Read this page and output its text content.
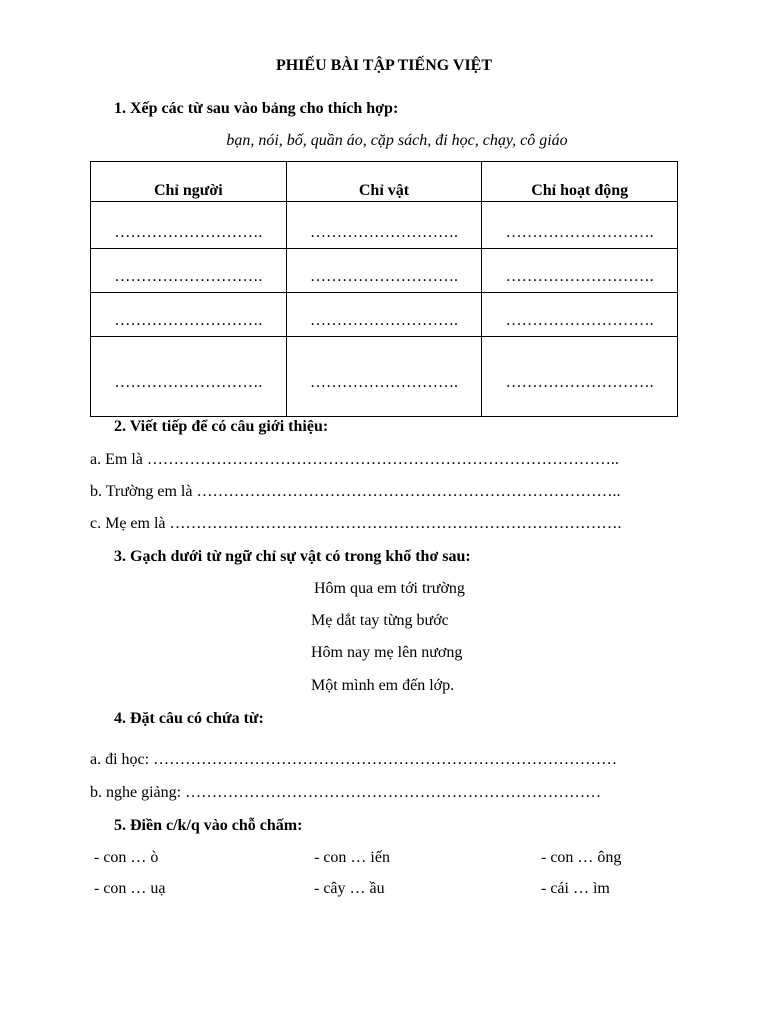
PHIẾU BÀI TẬP TIẾNG VIỆT
1. Xếp các từ sau vào bảng cho thích hợp:
bạn, nói, bố, quần áo, cặp sách, đi học, chạy, cô giáo
Chỉ người	Chỉ vật	Chỉ hoạt động
……………………….	……………………….	……………………….
……………………….	……………………….	……………………….
……………………….	……………………….	……………………….
……………………….	……………………….	……………………….
2. Viết tiếp để có câu giới thiệu:
a. Em là ……………………………………………………………………………..
b. Trường em là ……………………………………………………………………..
c. Mẹ em là ………………………………………………………………………….
3. Gạch dưới từ ngữ chỉ sự vật có trong khổ thơ sau:
Hôm qua em tới trường
Mẹ dắt tay từng bước
Hôm nay mẹ lên nương
Một mình em đến lớp.
4. Đặt câu có chứa từ:
a. đi học: ……………………………………………………………………………
b. nghe giảng: ……………………………………………………………………
5. Điền c/k/q vào chỗ chấm:
- con … ò	- con … iến	- con … ông
- con … uạ	- cây … ầu	- cái … ìm
